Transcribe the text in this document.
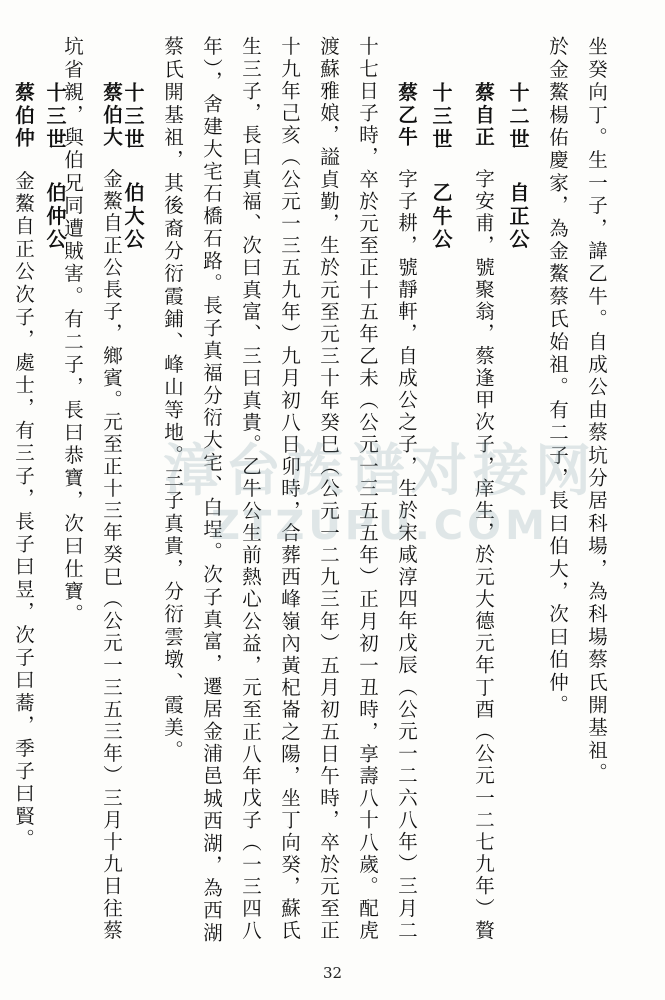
坐癸向丁。生一子，諱乙牛。自成公由蔡坑分居科場，為科場蔡氏開基祖。
於金鰲楊佑慶家，為金鰲蔡氏始祖。有二子，長曰伯大，次曰伯仲。
十二世自正公
蔡自正字安甫，號聚翁，蔡逢甲次子，庠生，於元大德元年丁酉（公元一二七九年）贅
十三世乙牛公
蔡乙牛字子耕，號靜軒，自成公之子，生於宋咸淳四年戊辰（公元一二六八年）三月二
十七日子時，卒於元至正十五年乙未（公元一三五五年）正月初一丑時，享壽八十八歲。配虎
渡蘇雅娘，謚貞勤，生於元至元三十年癸巳（公元一二九三年）五月初五日午時，卒於元至正
十九年己亥（公元一三五九年）九月初八日卯時，合葬西峰嶺內黃杞崙之陽，坐丁向癸，蘇氏
生三子，長曰真福、次曰真富、三曰真貴。乙牛公生前熱心公益，元至正八年戊子（一三四八
年），舍建大宅石橋石路。長子真福分衍大宅、白埕。次子真富，遷居金浦邑城西湖，為西湖
蔡氏開基祖，其後裔分衍霞鋪、峰山等地。三子真貴，分衍雲墩、霞美。
十三世伯大公
蔡伯大金鰲自正公長子，鄉賓。元至正十三年癸巳（公元一三五三年）三月十九日往蔡
坑省親，與伯兄同遭賊害。有二子，長曰恭寶，次曰仕寶。
十三世伯仲公
蔡伯仲金鰲自正公次子，處士，有三子，長子曰昱，次子曰蕎，季子曰賢。	漳台族谱对接网
ZTZUPU.COM
32
